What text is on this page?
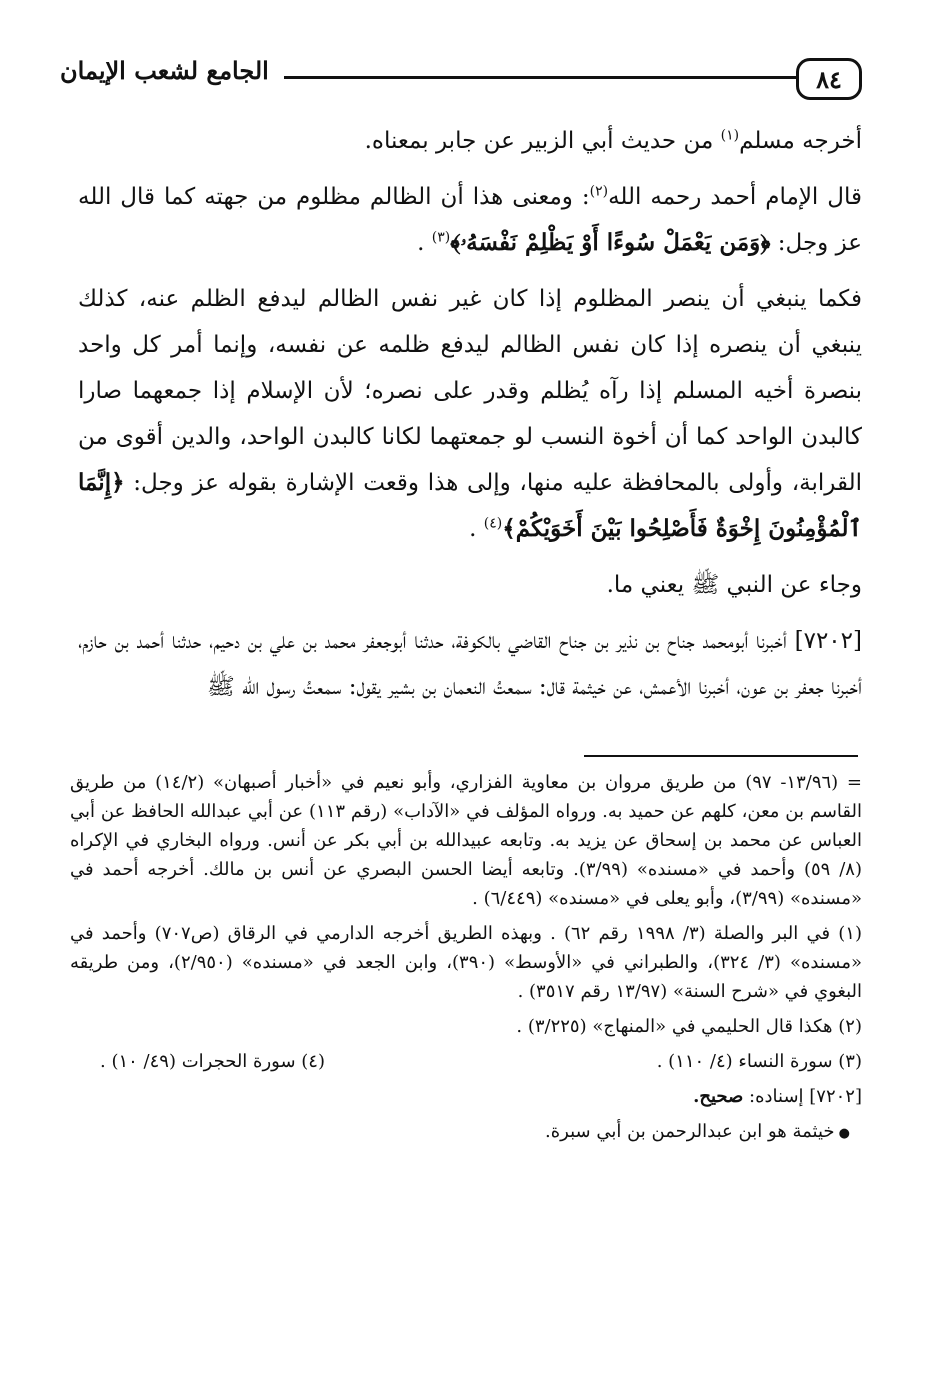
٨٤
الجامع لشعب الإيمان

أخرجه مسلم$^{(١)}$ من حديث أبي الزبير عن جابر بمعناه.

قال الإمام أحمد رحمه الله$^{(٢)}$: ومعنى هذا أن الظالم مظلوم من جهته كما قال الله عز وجل: ﴿وَمَن يَعْمَلْ سُوءًا أَوْ يَظْلِمْ نَفْسَهُۥ﴾$^{(٣)}$ .

فكما ينبغي أن ينصر المظلوم إذا كان غير نفس الظالم ليدفع الظلم عنه، كذلك ينبغي أن ينصره إذا كان نفس الظالم ليدفع ظلمه عن نفسه، وإنما أمر كل واحد بنصرة أخيه المسلم إذا رآه يُظلم وقدر على نصره؛ لأن الإسلام إذا جمعهما صارا كالبدن الواحد كما أن أخوة النسب لو جمعتهما لكانا كالبدن الواحد، والدين أقوى من القرابة، وأولى بالمحافظة عليه منها، وإلى هذا وقعت الإشارة بقوله عز وجل: ﴿إِنَّمَا ٱلْمُؤْمِنُونَ إِخْوَةٌ فَأَصْلِحُوا بَيْنَ أَخَوَيْكُمْ﴾$^{(٤)}$ .

وجاء عن النبي ﷺ يعني ما.

[٧٢٠٢] أخبرنا أبومحمد جناح بن نذير بن جناح القاضي بالكوفة، حدثنا أبوجعفر محمد بن علي بن دحيم، حدثنا أحمد بن حازم، أخبرنا جعفر بن عون، أخبرنا الأعمش، عن خيثمة قال: سمعتُ النعمان بن بشير يقول: سمعتُ رسول الله ﷺ

= (١٣/٩٦- ٩٧) من طريق مروان بن معاوية الفزاري، وأبو نعيم في «أخبار أصبهان» (١٤/٢) من طريق القاسم بن معن، كلهم عن حميد به. ورواه المؤلف في «الآداب» (رقم ١١٣) عن أبي عبدالله الحافظ عن أبي العباس عن محمد بن إسحاق عن يزيد به. وتابعه عبيدالله بن أبي بكر عن أنس. ورواه البخاري في الإكراه (٨/ ٥٩) وأحمد في «مسنده» (٣/٩٩). وتابعه أيضا الحسن البصري عن أنس بن مالك. أخرجه أحمد في «مسنده» (٣/٩٩)، وأبو يعلى في «مسنده» (٦/٤٤٩) .

(١) في البر والصلة (٣/ ١٩٩٨ رقم ٦٢) . وبهذه الطريق أخرجه الدارمي في الرقاق (ص٧٠٧) وأحمد في «مسنده» (٣/ ٣٢٤)، والطبراني في «الأوسط» (٣٩٠)، وابن الجعد في «مسنده» (٢/٩٥٠)، ومن طريقه البغوي في «شرح السنة» (١٣/٩٧ رقم ٣٥١٧) .

(٢) هكذا قال الحليمي في «المنهاج» (٣/٢٢٥) .

(٣) سورة النساء (٤/ ١١٠) .
(٤) سورة الحجرات (٤٩/ ١٠) .

[٧٢٠٢] إسناده: صحيح.

● خيثمة هو ابن عبدالرحمن بن أبي سبرة.
